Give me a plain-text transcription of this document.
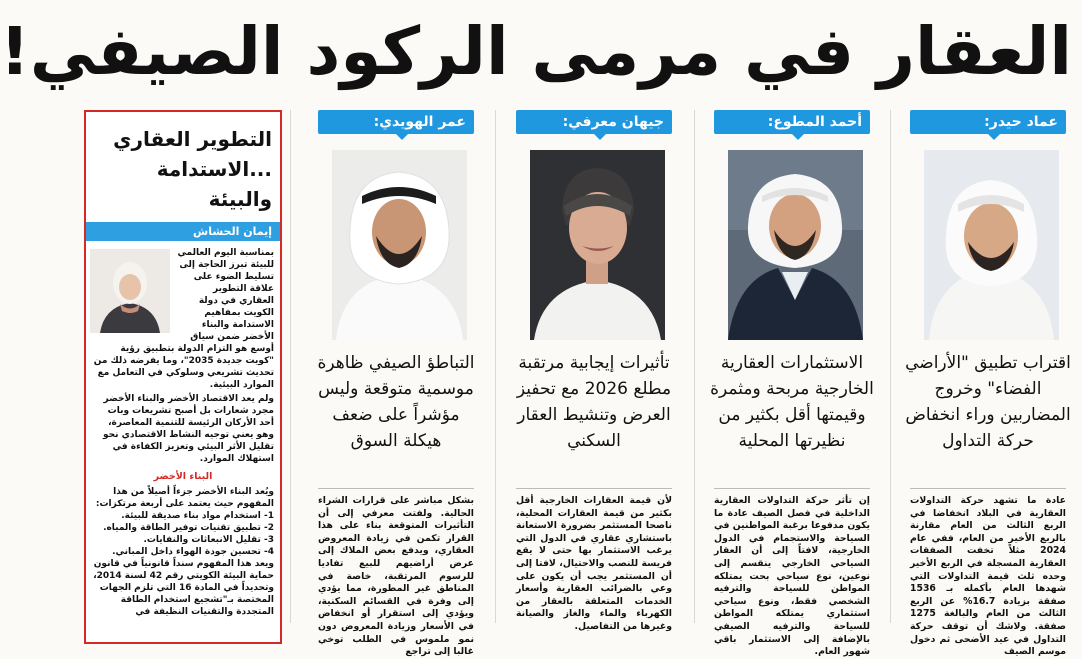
العقار في مرمى الركود الصيفي!
التطوير العقاري
...الاستدامة والبيئة
إيمان الحشاش
بمناسبة اليوم العالمي للبيئة تبرز الحاجة إلى تسليط الضوء على علاقة التطوير العقاري في دولة الكويت بمفاهيم الاستدامة والبناء الأخضر ضمن سياق أوسع هو التزام الدولة بتطبيق رؤية "كويت جديدة 2035"، وما يفرضه ذلك من تحديث تشريعي وسلوكي في التعامل مع الموارد البيئية.
ولم يعد الاقتصاد الأخضر والبناء الأخضر مجرد شعارات بل أصبح تشريعات وبات أحد الأركان الرئيسة للتنمية المعاصرة، وهو يعني توجيه النشاط الاقتصادي نحو تقليل الأثر البيئي وتعزيز الكفاءة في استهلاك الموارد.
البناء الأخضر
ويُعد البناء الأخضر جزءاً أصيلاً من هذا المفهوم حيث يعتمد على أربعة مرتكزات:
1- استخدام مواد بناء صديقة للبيئة.
2- تطبيق تقنيات توفير الطاقة والمياه.
3- تقليل الانبعاثات والنفايات.
4- تحسين جودة الهواء داخل المباني.
ويعد هذا المفهوم سنداً قانونياً في قانون حماية البيئة الكويتي رقم 42 لسنة 2014، وتحديداً في المادة 16 التي تلزم الجهات المختصة بـ"تشجيع استخدام الطاقة المتجددة والتقنيات النظيفة في
عماد حيدر:
اقتراب تطبيق "الأراضي الفضاء" وخروج المضاربين وراء انخفاض حركة التداول
عادة ما تشهد حركة التداولات العقارية في البلاد انخفاضا في الربع الثالث من العام مقارنة بالربع الأخير من العام، ففي عام 2024 مثلاً تخفت الصفقات العقارية المسجلة في الربع الأخير وحده ثلث قيمة التداولات التي شهدها العام بأكمله بـ 1536 صفقة بزيادة 16.7% عن الربع الثالث من العام والبالغة 1275 صفقة. ولاشك أن توقف حركة التداول في عيد الأضحى ثم دخول موسم الصيف
أحمد المطوع:
الاستثمارات العقارية الخارجية مربحة ومثمرة وقيمتها أقل بكثير من نظيرتها المحلية
إن تأثر حركة التداولات العقارية الداخلية في فصل الصيف عادة ما يكون مدفوعا برغبة المواطنين في السياحة والاستجمام في الدول الخارجية، لافتاً إلى أن العقار السياحي الخارجي ينقسم إلى نوعين، نوع سياحي بحت يمتلكه المواطن للسياحة والترفيه الشخصي فقط، ونوع سياحي استثماري يمتلكه المواطن للسياحة والترفيه الصيفي بالإضافة إلى الاستثمار باقي شهور العام.
جيهان معرفي:
تأثيرات إيجابية مرتقبة مطلع 2026 مع تحفيز العرض وتنشيط العقار السكني
لأن قيمة العقارات الخارجية أقل بكثير من قيمة العقارات المحلية، ناصحا المستثمر بضرورة الاستعانة باستشاري عقاري في الدول التي يرغب الاستثمار بها حتى لا يقع فريسة للنصب والاحتيال، لافتا إلى أن المستثمر يجب أن يكون على وعي بالضرائب العقارية وأسعار الخدمات المتعلقة بالعقار من الكهرباء والماء والغاز والصيانة وغيرها من التفاصيل.
عمر الهويدي:
التباطؤ الصيفي ظاهرة موسمية متوقعة وليس مؤشراً على ضعف هيكلة السوق
بشكل مباشر على قرارات الشراء الحالية. ولفتت معرفي إلى أن التأثيرات المتوقعة بناء على هذا القرار تكمن في زيادة المعروض العقاري، ويدفع بعض الملاك إلى عرض أراضيهم للبيع تفاديا للرسوم المرتقبة، خاصة في المناطق غير المطورة، مما يؤدي إلى وفرة في القسائم السكنية، ويؤدي إلى استقرار أو انخفاض في الأسعار وزيادة المعروض دون نمو ملموس في الطلب توخي غالبا إلى تراجع
